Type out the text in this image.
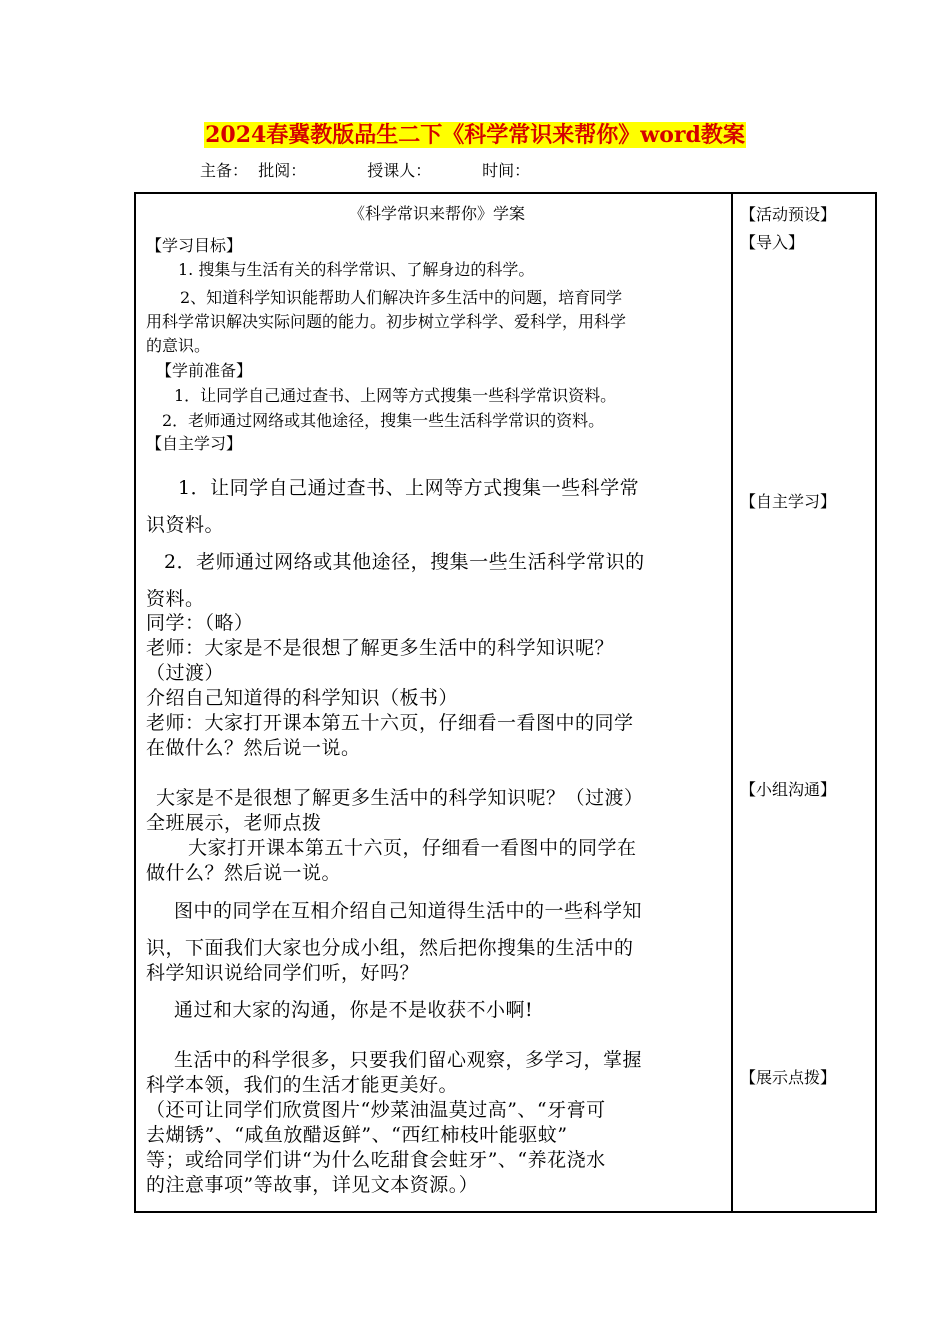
2024春冀教版品生二下《科学常识来帮你》word教案
主备： 批阅：	授课人：	时间：
《科学常识来帮你》学案
【学习目标】
1. 搜集与生活有关的科学常识、了解身边的科学。
2、知道科学知识能帮助人们解决许多生活中的问题，培育同学
用科学常识解决实际问题的能力。初步树立学科学、爱科学，用科学
的意识。
【学前准备】
1．让同学自己通过查书、上网等方式搜集一些科学常识资料。
2．老师通过网络或其他途径，搜集一些生活科学常识的资料。
【自主学习】
1．让同学自己通过查书、上网等方式搜集一些科学常
识资料。
2．老师通过网络或其他途径，搜集一些生活科学常识的
资料。
同学：（略）
老师：大家是不是很想了解更多生活中的科学知识呢？
（过渡）
介绍自己知道得的科学知识（板书）
老师：大家打开课本第五十六页，仔细看一看图中的同学
在做什么？然后说一说。
大家是不是很想了解更多生活中的科学知识呢？（过渡）
全班展示，老师点拨
大家打开课本第五十六页，仔细看一看图中的同学在
做什么？然后说一说。
图中的同学在互相介绍自己知道得生活中的一些科学知
识，下面我们大家也分成小组，然后把你搜集的生活中的
科学知识说给同学们听，好吗？
通过和大家的沟通，你是不是收获不小啊!
生活中的科学很多，只要我们留心观察，多学习，掌握
科学本领，我们的生活才能更美好。
（还可让同学们欣赏图片“炒菜油温莫过高”、“牙膏可
去煳锈”、“咸鱼放醋返鲜”、“西红柿枝叶能驱蚊”
等；或给同学们讲“为什么吃甜食会蛀牙”、“养花浇水
的注意事项”等故事，详见文本资源。）
【活动预设】
【导入】
【自主学习】
【小组沟通】
【展示点拨】
